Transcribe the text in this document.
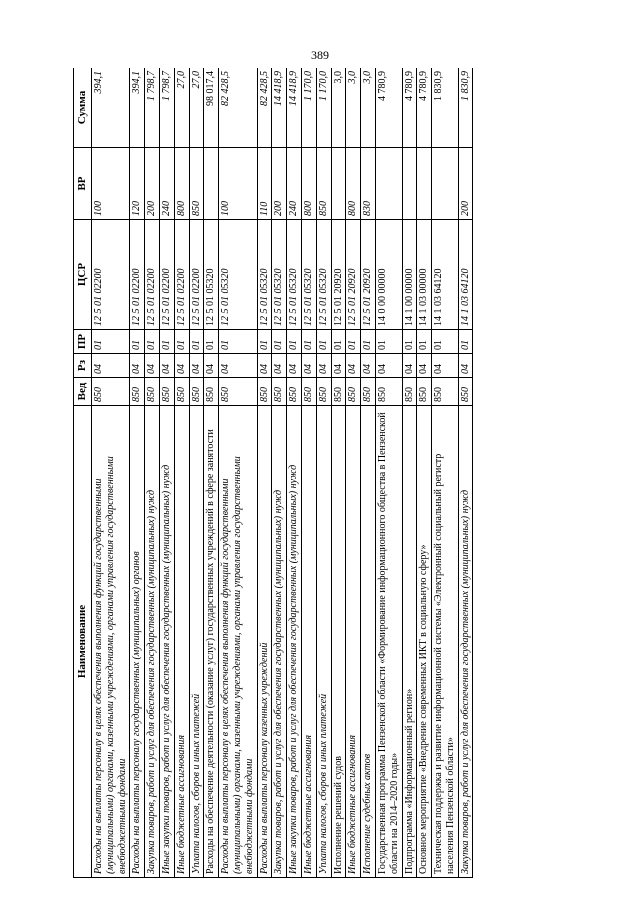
389
Наименование	Вед	Рз	ПР	ЦСР	ВР	Сумма
Расходы на выплаты персоналу в целях обеспечения выполнения функций государственными (муниципальными) органами, казенными учреждениями, органами управления государственными внебюджетными фондами	850	04	01	12 5 01 02200	100	394,1
Расходы на выплаты персоналу государственных (муниципальных) органов	850	04	01	12 5 01 02200	120	394,1
Закупка товаров, работ и услуг для обеспечения государственных (муниципальных) нужд	850	04	01	12 5 01 02200	200	1 798,7
Иные закупки товаров, работ и услуг для обеспечения государственных (муниципальных) нужд	850	04	01	12 5 01 02200	240	1 798,7
Иные бюджетные ассигнования	850	04	01	12 5 01 02200	800	27,0
Уплата налогов, сборов и иных платежей	850	04	01	12 5 01 02200	850	27,0
Расходы на обеспечение деятельности (оказание услуг) государственных учреждений в сфере занятости	850	04	01	12 5 01 05320		98 017,4
Расходы на выплаты персоналу в целях обеспечения выполнения функций государственными (муниципальными) органами, казенными учреждениями, органами управления государственными внебюджетными фондами	850	04	01	12 5 01 05320	100	82 428,5
Расходы на выплаты персоналу казенных учреждений	850	04	01	12 5 01 05320	110	82 428,5
Закупка товаров, работ и услуг для обеспечения государственных (муниципальных) нужд	850	04	01	12 5 01 05320	200	14 418,9
Иные закупки товаров, работ и услуг для обеспечения государственных (муниципальных) нужд	850	04	01	12 5 01 05320	240	14 418,9
Иные бюджетные ассигнования	850	04	01	12 5 01 05320	800	1 170,0
Уплата налогов, сборов и иных платежей	850	04	01	12 5 01 05320	850	1 170,0
Исполнение решений судов	850	04	01	12 5 01 20920		3,0
Иные бюджетные ассигнования	850	04	01	12 5 01 20920	800	3,0
Исполнение судебных актов	850	04	01	12 5 01 20920	830	3,0
Государственная программа Пензенской области «Формирование информационного общества в Пензенской области на 2014–2020 годы»	850	04	01	14 0 00 00000		4 780,9
Подпрограмма «Информационный регион»	850	04	01	14 1 00 00000		4 780,9
Основное мероприятие «Внедрение современных ИКТ в социальную сферу»	850	04	01	14 1 03 00000		4 780,9
Техническая поддержка и развитие информационной системы «Электронный социальный регистр населения Пензенской области»	850	04	01	14 1 03 64120		1 830,9
Закупка товаров, работ и услуг для обеспечения государственных (муниципальных) нужд	850	04	01	14 1 03 64120	200	1 830,9
